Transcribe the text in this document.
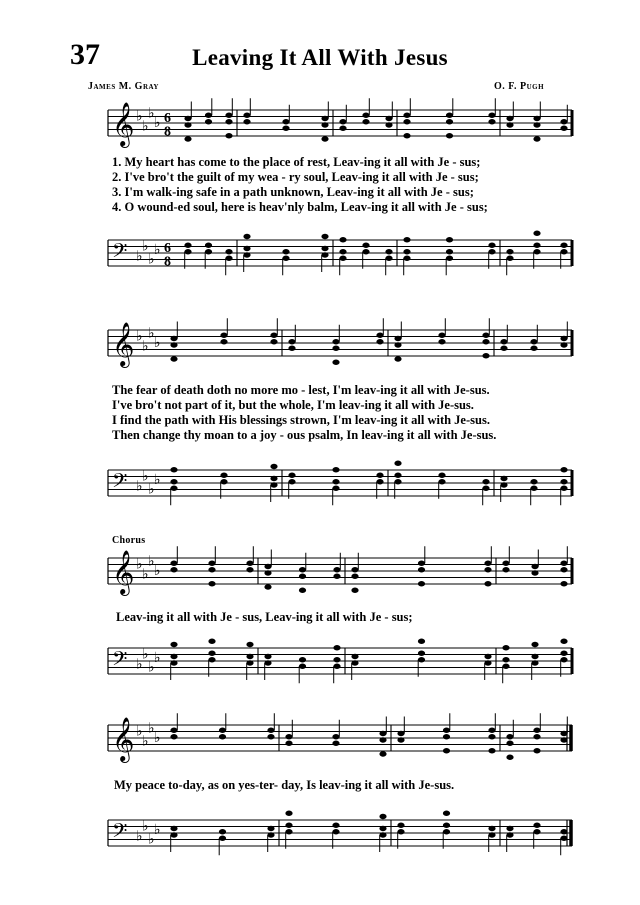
37	Leaving It All With Jesus
James M. Gray	O. F. Pugh
𝄞 ♭
♭
♭
♭ 6
8
1. My heart has come to the place of rest, Leav-ing it all with Je - sus;
2. I've bro't the guilt of my wea - ry soul, Leav-ing it all with Je - sus;
3. I'm walk-ing safe in a path unknown, Leav-ing it all with Je - sus;
4. O wound-ed soul, here is heav'nly balm, Leav-ing it all with Je - sus;
𝄢 ♭
♭
♭
♭ 6
8
𝄞 ♭
♭
♭
♭
The fear of death doth no more mo - lest, I'm leav-ing it all with Je-sus.
I've bro't not part of it, but the whole, I'm leav-ing it all with Je-sus.
I find the path with His blessings strown, I'm leav-ing it all with Je-sus.
Then change thy moan to a joy - ous psalm, In leav-ing it all with Je-sus.
𝄢 ♭
♭
♭
♭
Chorus
𝄞 ♭
♭
♭
♭
Leav-ing it all with Je - sus, Leav-ing it all with Je - sus;
𝄢 ♭
♭
♭
♭
𝄞 ♭
♭
♭
♭
My peace to-day, as on yes-ter- day, Is leav-ing it all with Je-sus.
𝄢 ♭
♭
♭
♭
